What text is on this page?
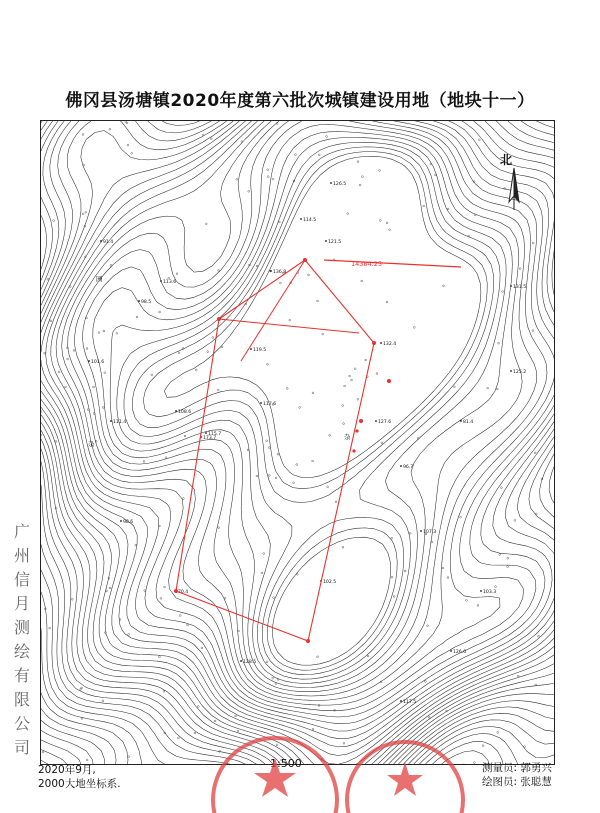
佛冈县汤塘镇2020年度第六批次城镇建设用地（地块十一）
126.5
114.5
121.5
132.4
113.6
115.7
173.7
108.6
127.6
117.6
119.5
136.8
111.4
101.6
98.5
70.4
102.5
96.7
126.0
117.5
103.3
125.2
131.5
91.4
98.6
107.3
81.4
128.5
杂
杂
园
14384.25
北
广
州
信
月
测
绘
有
限
公
司
2020年9月,
2000大地坐标系.
1:500	测量员: 郭勇兴
绘图员: 张聪慧
